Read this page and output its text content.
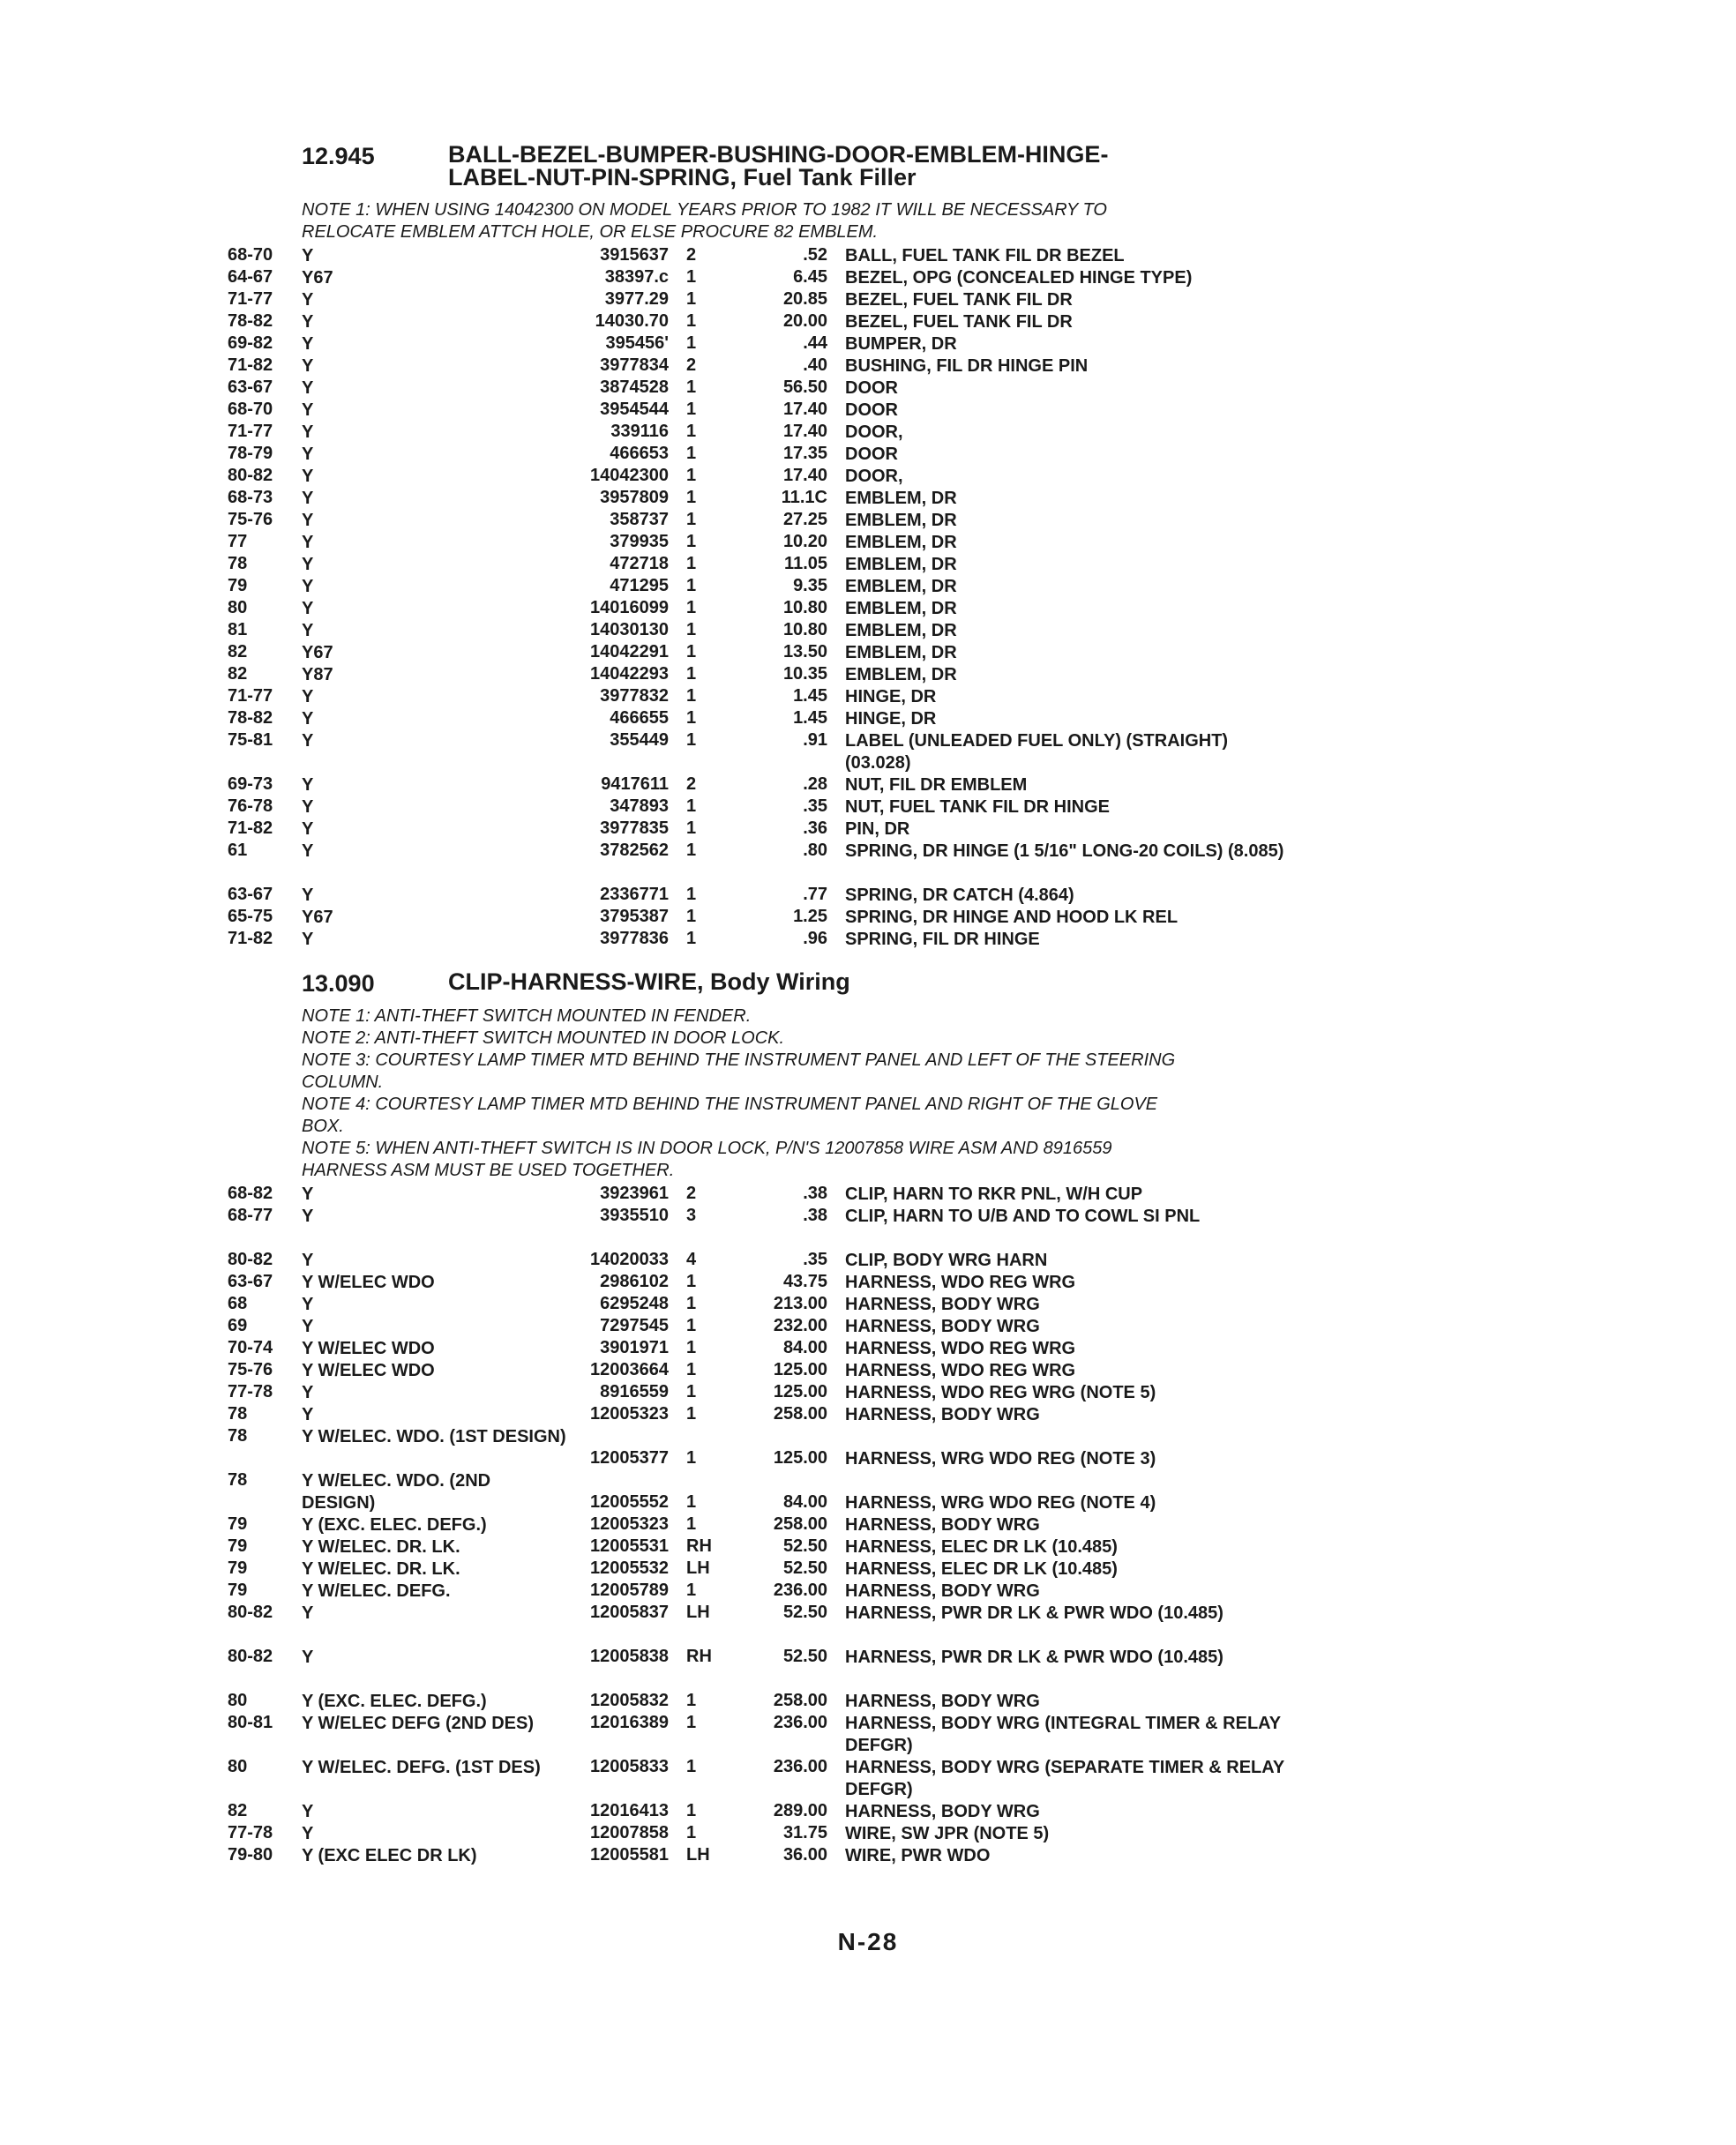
12.945	BALL-BEZEL-BUMPER-BUSHING-DOOR-EMBLEM-HINGE-
LABEL-NUT-PIN-SPRING, Fuel Tank Filler
NOTE 1: WHEN USING 14042300 ON MODEL YEARS PRIOR TO 1982 IT WILL BE NECESSARY TO
RELOCATE EMBLEM ATTCH HOLE, OR ELSE PROCURE 82 EMBLEM.
68-70	Y	3915637 2	.52 BALL, FUEL TANK FIL DR BEZEL
64-67	Y67	38397.c 1	6.45 BEZEL, OPG (CONCEALED HINGE TYPE)
71-77	Y	3977.29 1	20.85 BEZEL, FUEL TANK FIL DR
78-82	Y	14030.70 1	20.00 BEZEL, FUEL TANK FIL DR
69-82	Y	395456' 1	.44 BUMPER, DR
71-82	Y	3977834 2	.40 BUSHING, FIL DR HINGE PIN
63-67	Y	3874528 1	56.50 DOOR
68-70	Y	3954544 1	17.40 DOOR
71-77	Y	339116 1	17.40 DOOR,
78-79	Y	466653 1	17.35 DOOR
80-82	Y	14042300 1	17.40 DOOR,
68-73	Y	3957809 1	11.1C EMBLEM, DR
75-76	Y	358737 1	27.25 EMBLEM, DR
77	Y	379935 1	10.20 EMBLEM, DR
78	Y	472718 1	11.05 EMBLEM, DR
79	Y	471295 1	9.35 EMBLEM, DR
80	Y	14016099 1	10.80 EMBLEM, DR
81	Y	14030130 1	10.80 EMBLEM, DR
82	Y67	14042291 1	13.50 EMBLEM, DR
82	Y87	14042293 1	10.35 EMBLEM, DR
71-77	Y	3977832 1	1.45 HINGE, DR
78-82	Y	466655 1	1.45 HINGE, DR
75-81	Y	355449 1	.91 LABEL (UNLEADED FUEL ONLY) (STRAIGHT) (03.028)
69-73	Y	9417611 2	.28 NUT, FIL DR EMBLEM
76-78	Y	347893 1	.35 NUT, FUEL TANK FIL DR HINGE
71-82	Y	3977835 1	.36 PIN, DR
61	Y	3782562 1	.80 SPRING, DR HINGE (1 5/16" LONG-20 COILS) (8.085)
63-67	Y	2336771 1	.77 SPRING, DR CATCH (4.864)
65-75	Y67	3795387 1	1.25 SPRING, DR HINGE AND HOOD LK REL
71-82	Y	3977836 1	.96 SPRING, FIL DR HINGE
13.090	CLIP-HARNESS-WIRE, Body Wiring
NOTE 1: ANTI-THEFT SWITCH MOUNTED IN FENDER.
NOTE 2: ANTI-THEFT SWITCH MOUNTED IN DOOR LOCK.
NOTE 3: COURTESY LAMP TIMER MTD BEHIND THE INSTRUMENT PANEL AND LEFT OF THE STEERING
COLUMN.
NOTE 4: COURTESY LAMP TIMER MTD BEHIND THE INSTRUMENT PANEL AND RIGHT OF THE GLOVE
BOX.
NOTE 5: WHEN ANTI-THEFT SWITCH IS IN DOOR LOCK, P/N'S 12007858 WIRE ASM AND 8916559
HARNESS ASM MUST BE USED TOGETHER.
68-82	Y	3923961 2	.38 CLIP, HARN TO RKR PNL, W/H CUP
68-77	Y	3935510 3	.38 CLIP, HARN TO U/B AND TO COWL SI PNL
80-82	Y	14020033 4	.35 CLIP, BODY WRG HARN
63-67	Y W/ELEC WDO	2986102 1	43.75 HARNESS, WDO REG WRG
68	Y	6295248 1	213.00 HARNESS, BODY WRG
69	Y	7297545 1	232.00 HARNESS, BODY WRG
70-74	Y W/ELEC WDO	3901971 1	84.00 HARNESS, WDO REG WRG
75-76	Y W/ELEC WDO	12003664 1	125.00 HARNESS, WDO REG WRG
77-78	Y	8916559 1	125.00 HARNESS, WDO REG WRG (NOTE 5)
78	Y	12005323 1	258.00 HARNESS, BODY WRG
78	Y W/ELEC. WDO. (1ST DESIGN)
12005377 1	125.00 HARNESS, WRG WDO REG (NOTE 3)
78	Y W/ELEC. WDO. (2ND DESIGN)	12005552 1	84.00 HARNESS, WRG WDO REG (NOTE 4)
79	Y (EXC. ELEC. DEFG.)	12005323 1	258.00 HARNESS, BODY WRG
79	Y W/ELEC. DR. LK.	12005531 RH	52.50 HARNESS, ELEC DR LK (10.485)
79	Y W/ELEC. DR. LK.	12005532 LH	52.50 HARNESS, ELEC DR LK (10.485)
79	Y W/ELEC. DEFG.	12005789 1	236.00 HARNESS, BODY WRG
80-82	Y	12005837 LH	52.50 HARNESS, PWR DR LK & PWR WDO (10.485)
80-82	Y	12005838 RH	52.50 HARNESS, PWR DR LK & PWR WDO (10.485)
80	Y (EXC. ELEC. DEFG.)	12005832 1	258.00 HARNESS, BODY WRG
80-81	Y W/ELEC DEFG (2ND DES)	12016389 1	236.00 HARNESS, BODY WRG (INTEGRAL TIMER & RELAY DEFGR)
80	Y W/ELEC. DEFG. (1ST DES)	12005833 1	236.00 HARNESS, BODY WRG (SEPARATE TIMER & RELAY DEFGR)
82	Y	12016413 1	289.00 HARNESS, BODY WRG
77-78	Y	12007858 1	31.75 WIRE, SW JPR (NOTE 5)
79-80	Y (EXC ELEC DR LK)	12005581 LH	36.00 WIRE, PWR WDO
N-28
